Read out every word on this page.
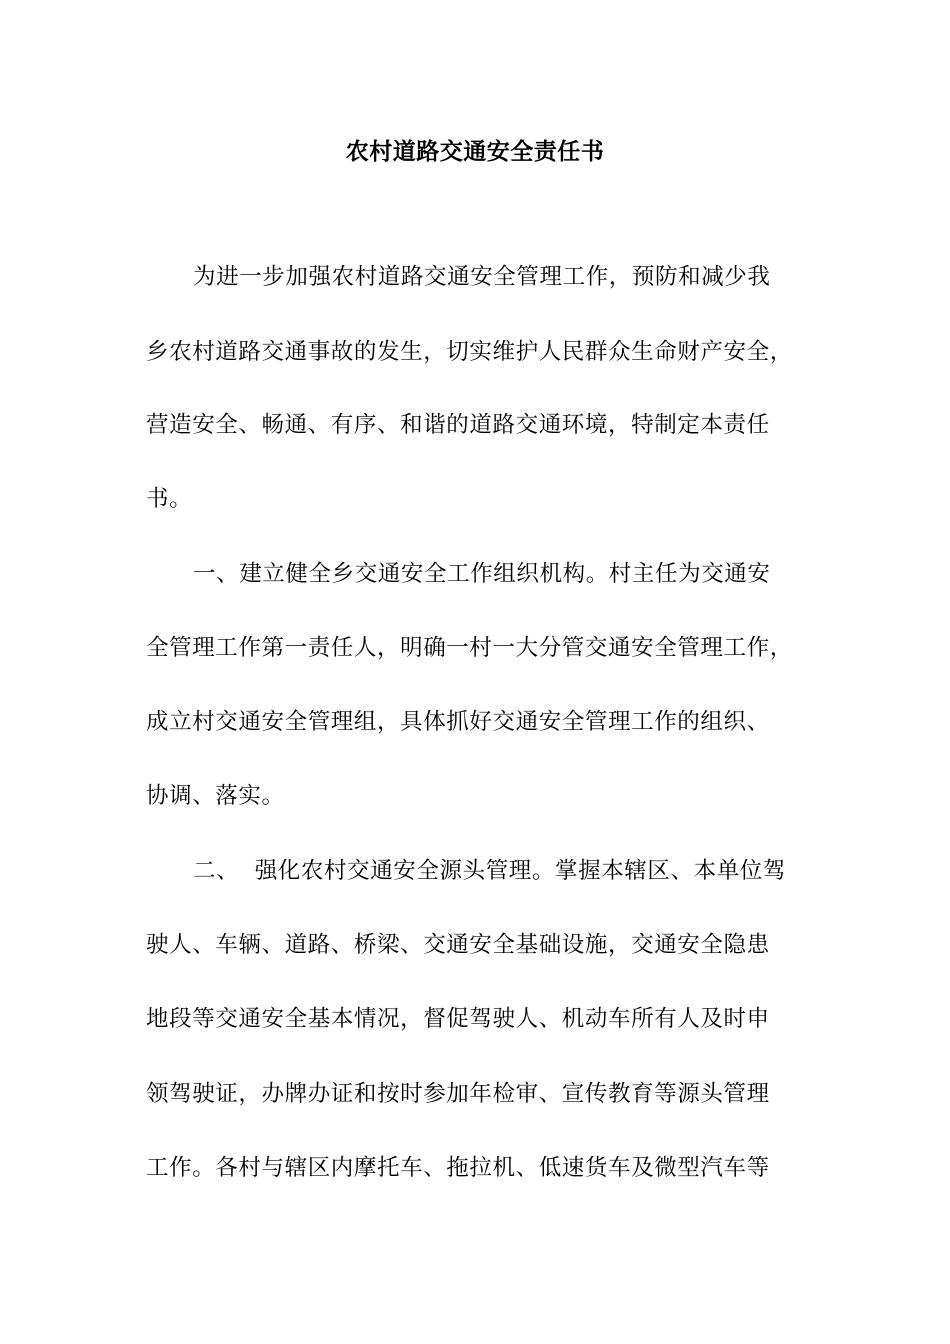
农村道路交通安全责任书
为进一步加强农村道路交通安全管理工作，预防和减少我
乡农村道路交通事故的发生，切实维护人民群众生命财产安全，
营造安全、畅通、有序、和谐的道路交通环境，特制定本责任
书。
一、建立健全乡交通安全工作组织机构。村主任为交通安
全管理工作第一责任人，明确一村一大分管交通安全管理工作，
成立村交通安全管理组，具体抓好交通安全管理工作的组织、
协调、落实。
二、  强化农村交通安全源头管理。掌握本辖区、本单位驾
驶人、车辆、道路、桥梁、交通安全基础设施，交通安全隐患
地段等交通安全基本情况，督促驾驶人、机动车所有人及时申
领驾驶证，办牌办证和按时参加年检审、宣传教育等源头管理
工作。各村与辖区内摩托车、拖拉机、低速货车及微型汽车等
